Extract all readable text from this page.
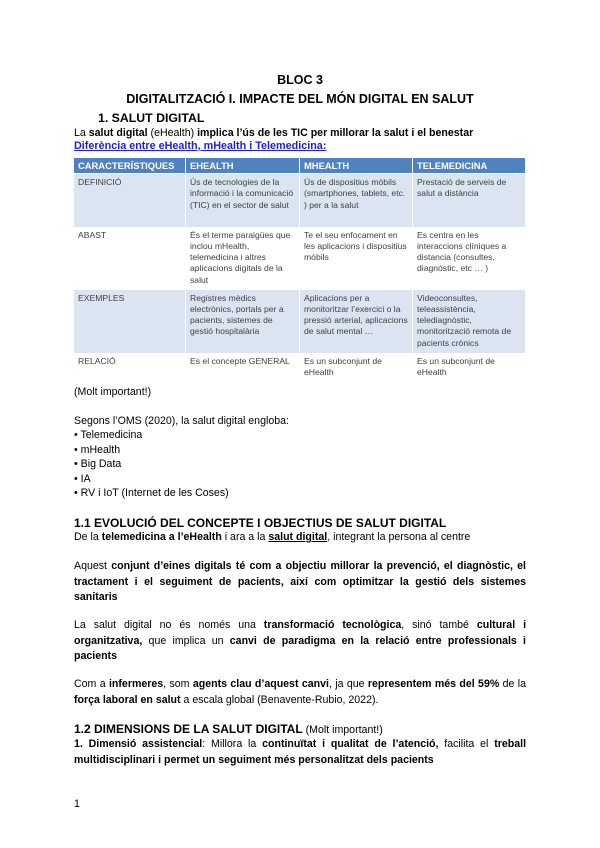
BLOC 3
DIGITALITZACIÓ I. IMPACTE DEL MÓN DIGITAL EN SALUT
1. SALUT DIGITAL
La salut digital (eHealth) implica l’ús de les TIC per millorar la salut i el benestar
Diferència entre eHealth, mHealth i Telemedicina:
CARACTERÍSTIQUES	EHEALTH	MHEALTH	TELEMEDICINA
DEFINICIÓ	Ús de tecnologies de la informació i la comunicació (TIC) en el sector de salut	Ús de dispositius mòbils (smartphones, tablets, etc. ) per a la salut	Prestació de serveis de salut a distància
ABAST	És el terme paraigües que inclou mHealth, telemedicina i altres aplicacions digitals de la salut	Te el seu enfocament en les aplicacions i dispositius mòbils	Es centra en les interaccions clíniques a distancia (consultes, diagnòstic, etc … )
EXEMPLES	Registres mèdics electrònics, portals per a pacients, sistemes de gestió hospitalària	Aplicacions per a monitoritzar l’exercici o la pressió arterial, aplicacions de salut mental …	Videoconsultes, teleassistència, telediagnòstic, monitorització remota de pacients crònics
RELACIÓ	Es el concepte GENERAL	Es un subconjunt de eHealth	Es un subconjunt de eHealth
(Molt important!)
Segons l’OMS (2020), la salut digital engloba:
• Telemedicina
• mHealth
• Big Data
• IA
• RV i IoT (Internet de les Coses)
1.1 EVOLUCIÓ DEL CONCEPTE I OBJECTIUS DE SALUT DIGITAL
De la telemedicina a l’eHealth i ara a la salut digital, integrant la persona al centre
Aquest conjunt d’eines digitals té com a objectiu millorar la prevenció, el diagnòstic, el tractament i el seguiment de pacients, així com optimitzar la gestió dels sistemes sanitaris
La salut digital no és només una transformació tecnològica, sinó també cultural i organitzativa, que implica un canvi de paradigma en la relació entre professionals i pacients
Com a infermeres, som agents clau d’aquest canvi, ja que representem més del 59% de la força laboral en salut a escala global (Benavente-Rubio, 2022).
1.2 DIMENSIONS DE LA SALUT DIGITAL (Molt important!)
1. Dimensió assistencial: Millora la continuïtat i qualitat de l’atenció, facilita el treball multidisciplinari i permet un seguiment més personalitzat dels pacients
1
